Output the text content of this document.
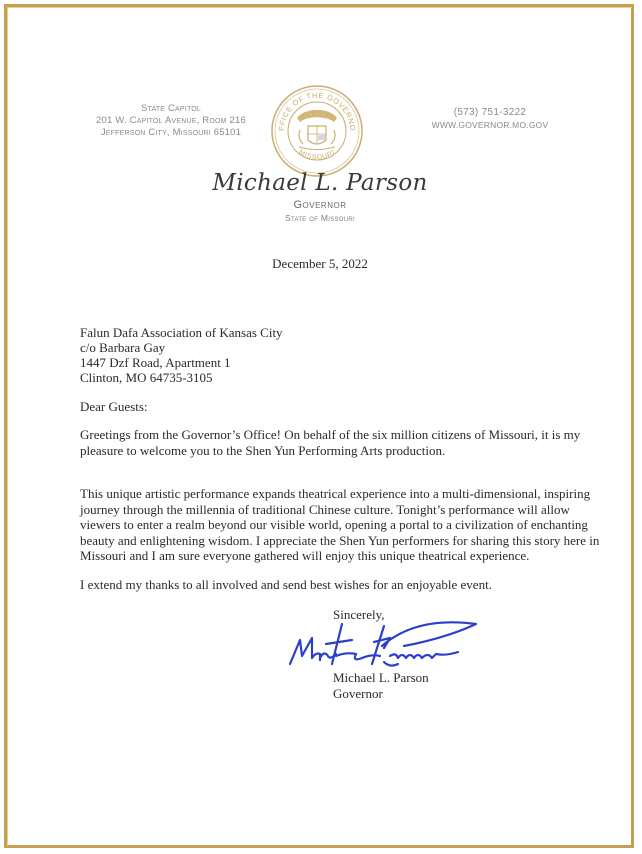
State Capitol
201 W. Capitol Avenue, Room 216
Jefferson City, Missouri 65101	FFICE OF THE GOVERNO
MISSOURI
(573) 751-3222
WWW.GOVERNOR.MO.GOV
Michael L. Parson
Governor
State of Missouri
December 5, 2022
Falun Dafa Association of Kansas City
c/o Barbara Gay
1447 Dzf Road, Apartment 1
Clinton, MO 64735-3105
Dear Guests:
Greetings from the Governor’s Office! On behalf of the six million citizens of Missouri, it is my pleasure to welcome you to the Shen Yun Performing Arts production.
This unique artistic performance expands theatrical experience into a multi-dimensional, inspiring journey through the millennia of traditional Chinese culture. Tonight’s performance will allow viewers to enter a realm beyond our visible world, opening a portal to a civilization of enchanting beauty and enlightening wisdom. I appreciate the Shen Yun performers for sharing this story here in Missouri and I am sure everyone gathered will enjoy this unique theatrical experience.
I extend my thanks to all involved and send best wishes for an enjoyable event.
Sincerely,
Michael L. Parson
Governor
